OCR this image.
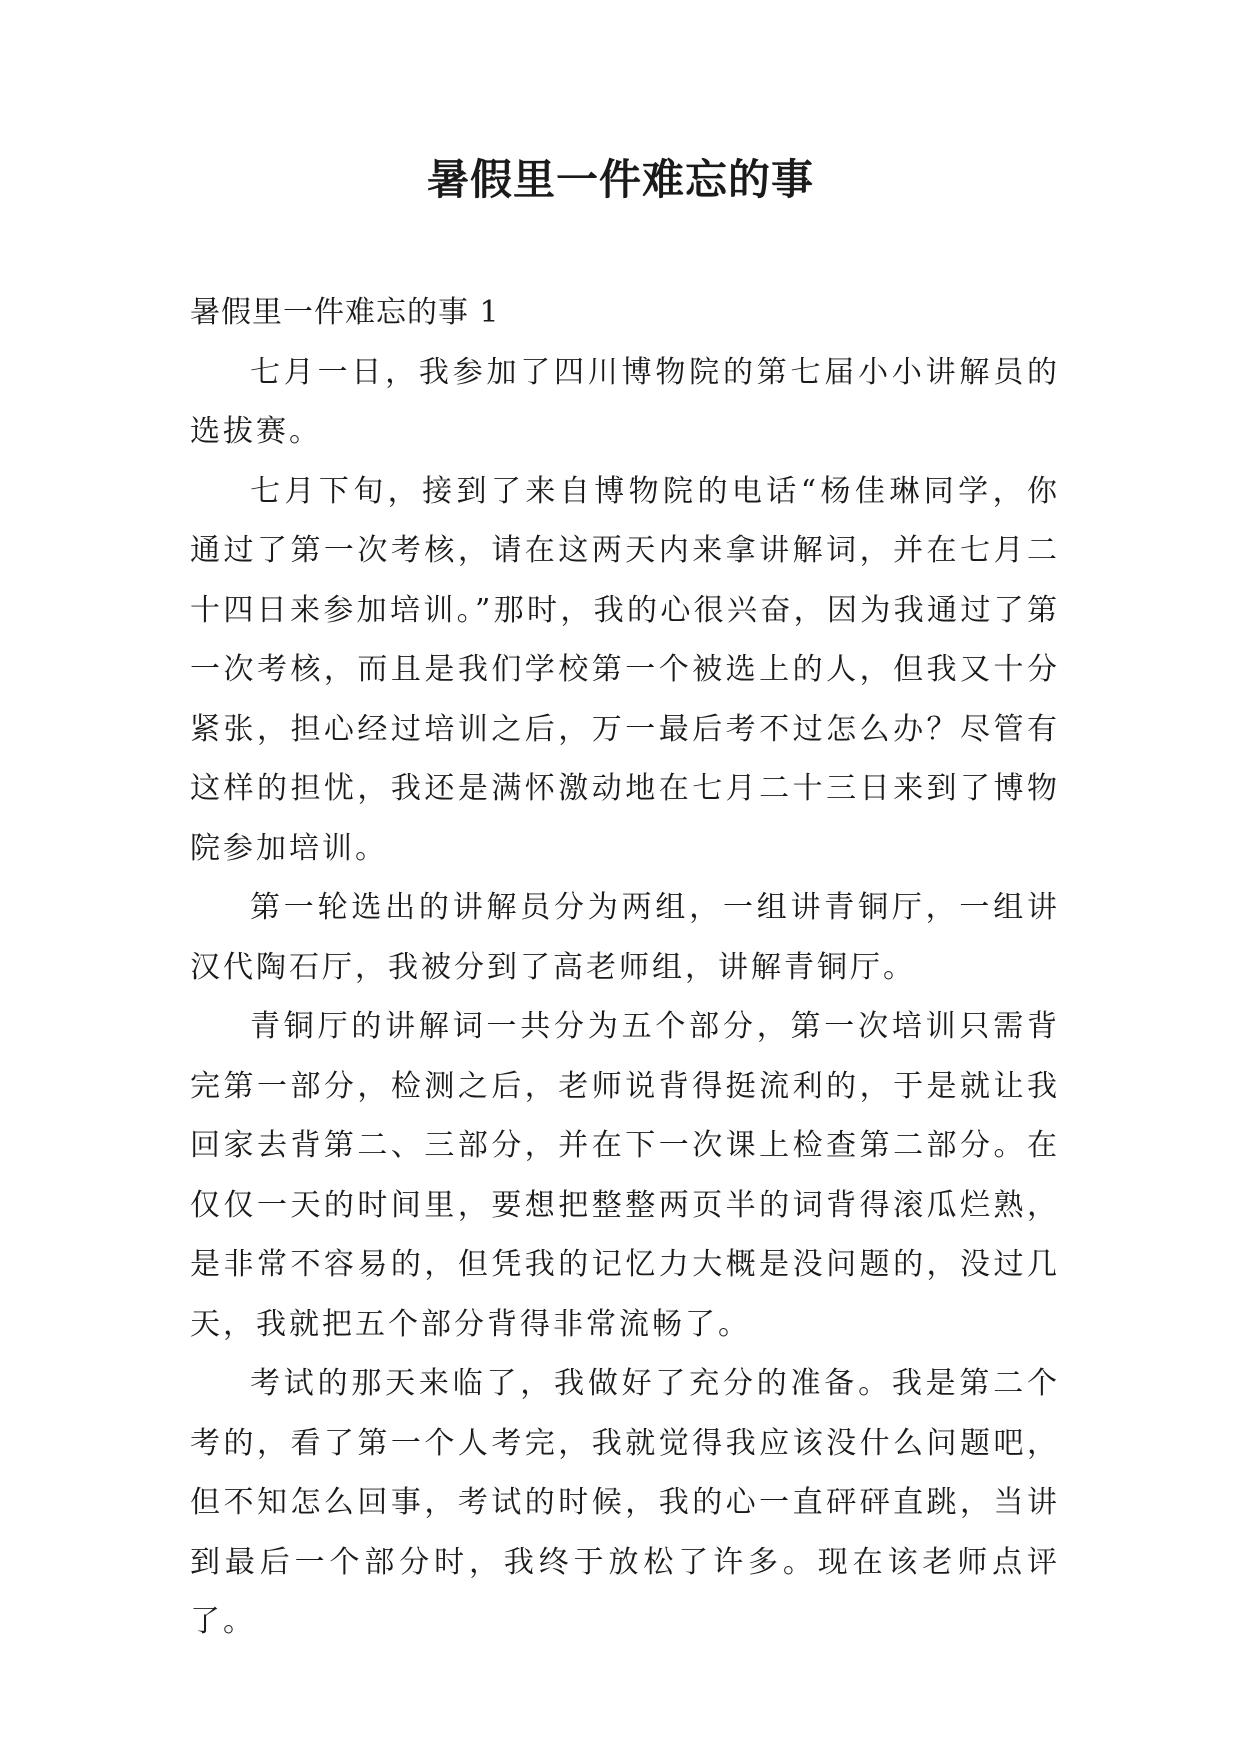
暑假里一件难忘的事
暑假里一件难忘的事 1

七月一日，我参加了四川博物院的第七届小小讲解员的选拔赛。

七月下旬，接到了来自博物院的电话“杨佳琳同学，你通过了第一次考核，请在这两天内来拿讲解词，并在七月二十四日来参加培训。”那时，我的心很兴奋，因为我通过了第一次考核，而且是我们学校第一个被选上的人，但我又十分紧张，担心经过培训之后，万一最后考不过怎么办？尽管有这样的担忧，我还是满怀激动地在七月二十三日来到了博物院参加培训。

第一轮选出的讲解员分为两组，一组讲青铜厅，一组讲汉代陶石厅，我被分到了高老师组，讲解青铜厅。

青铜厅的讲解词一共分为五个部分，第一次培训只需背完第一部分，检测之后，老师说背得挺流利的，于是就让我回家去背第二、三部分，并在下一次课上检查第二部分。在仅仅一天的时间里，要想把整整两页半的词背得滚瓜烂熟，是非常不容易的，但凭我的记忆力大概是没问题的，没过几天，我就把五个部分背得非常流畅了。

考试的那天来临了，我做好了充分的准备。我是第二个考的，看了第一个人考完，我就觉得我应该没什么问题吧，但不知怎么回事，考试的时候，我的心一直砰砰直跳，当讲到最后一个部分时，我终于放松了许多。现在该老师点评了。
